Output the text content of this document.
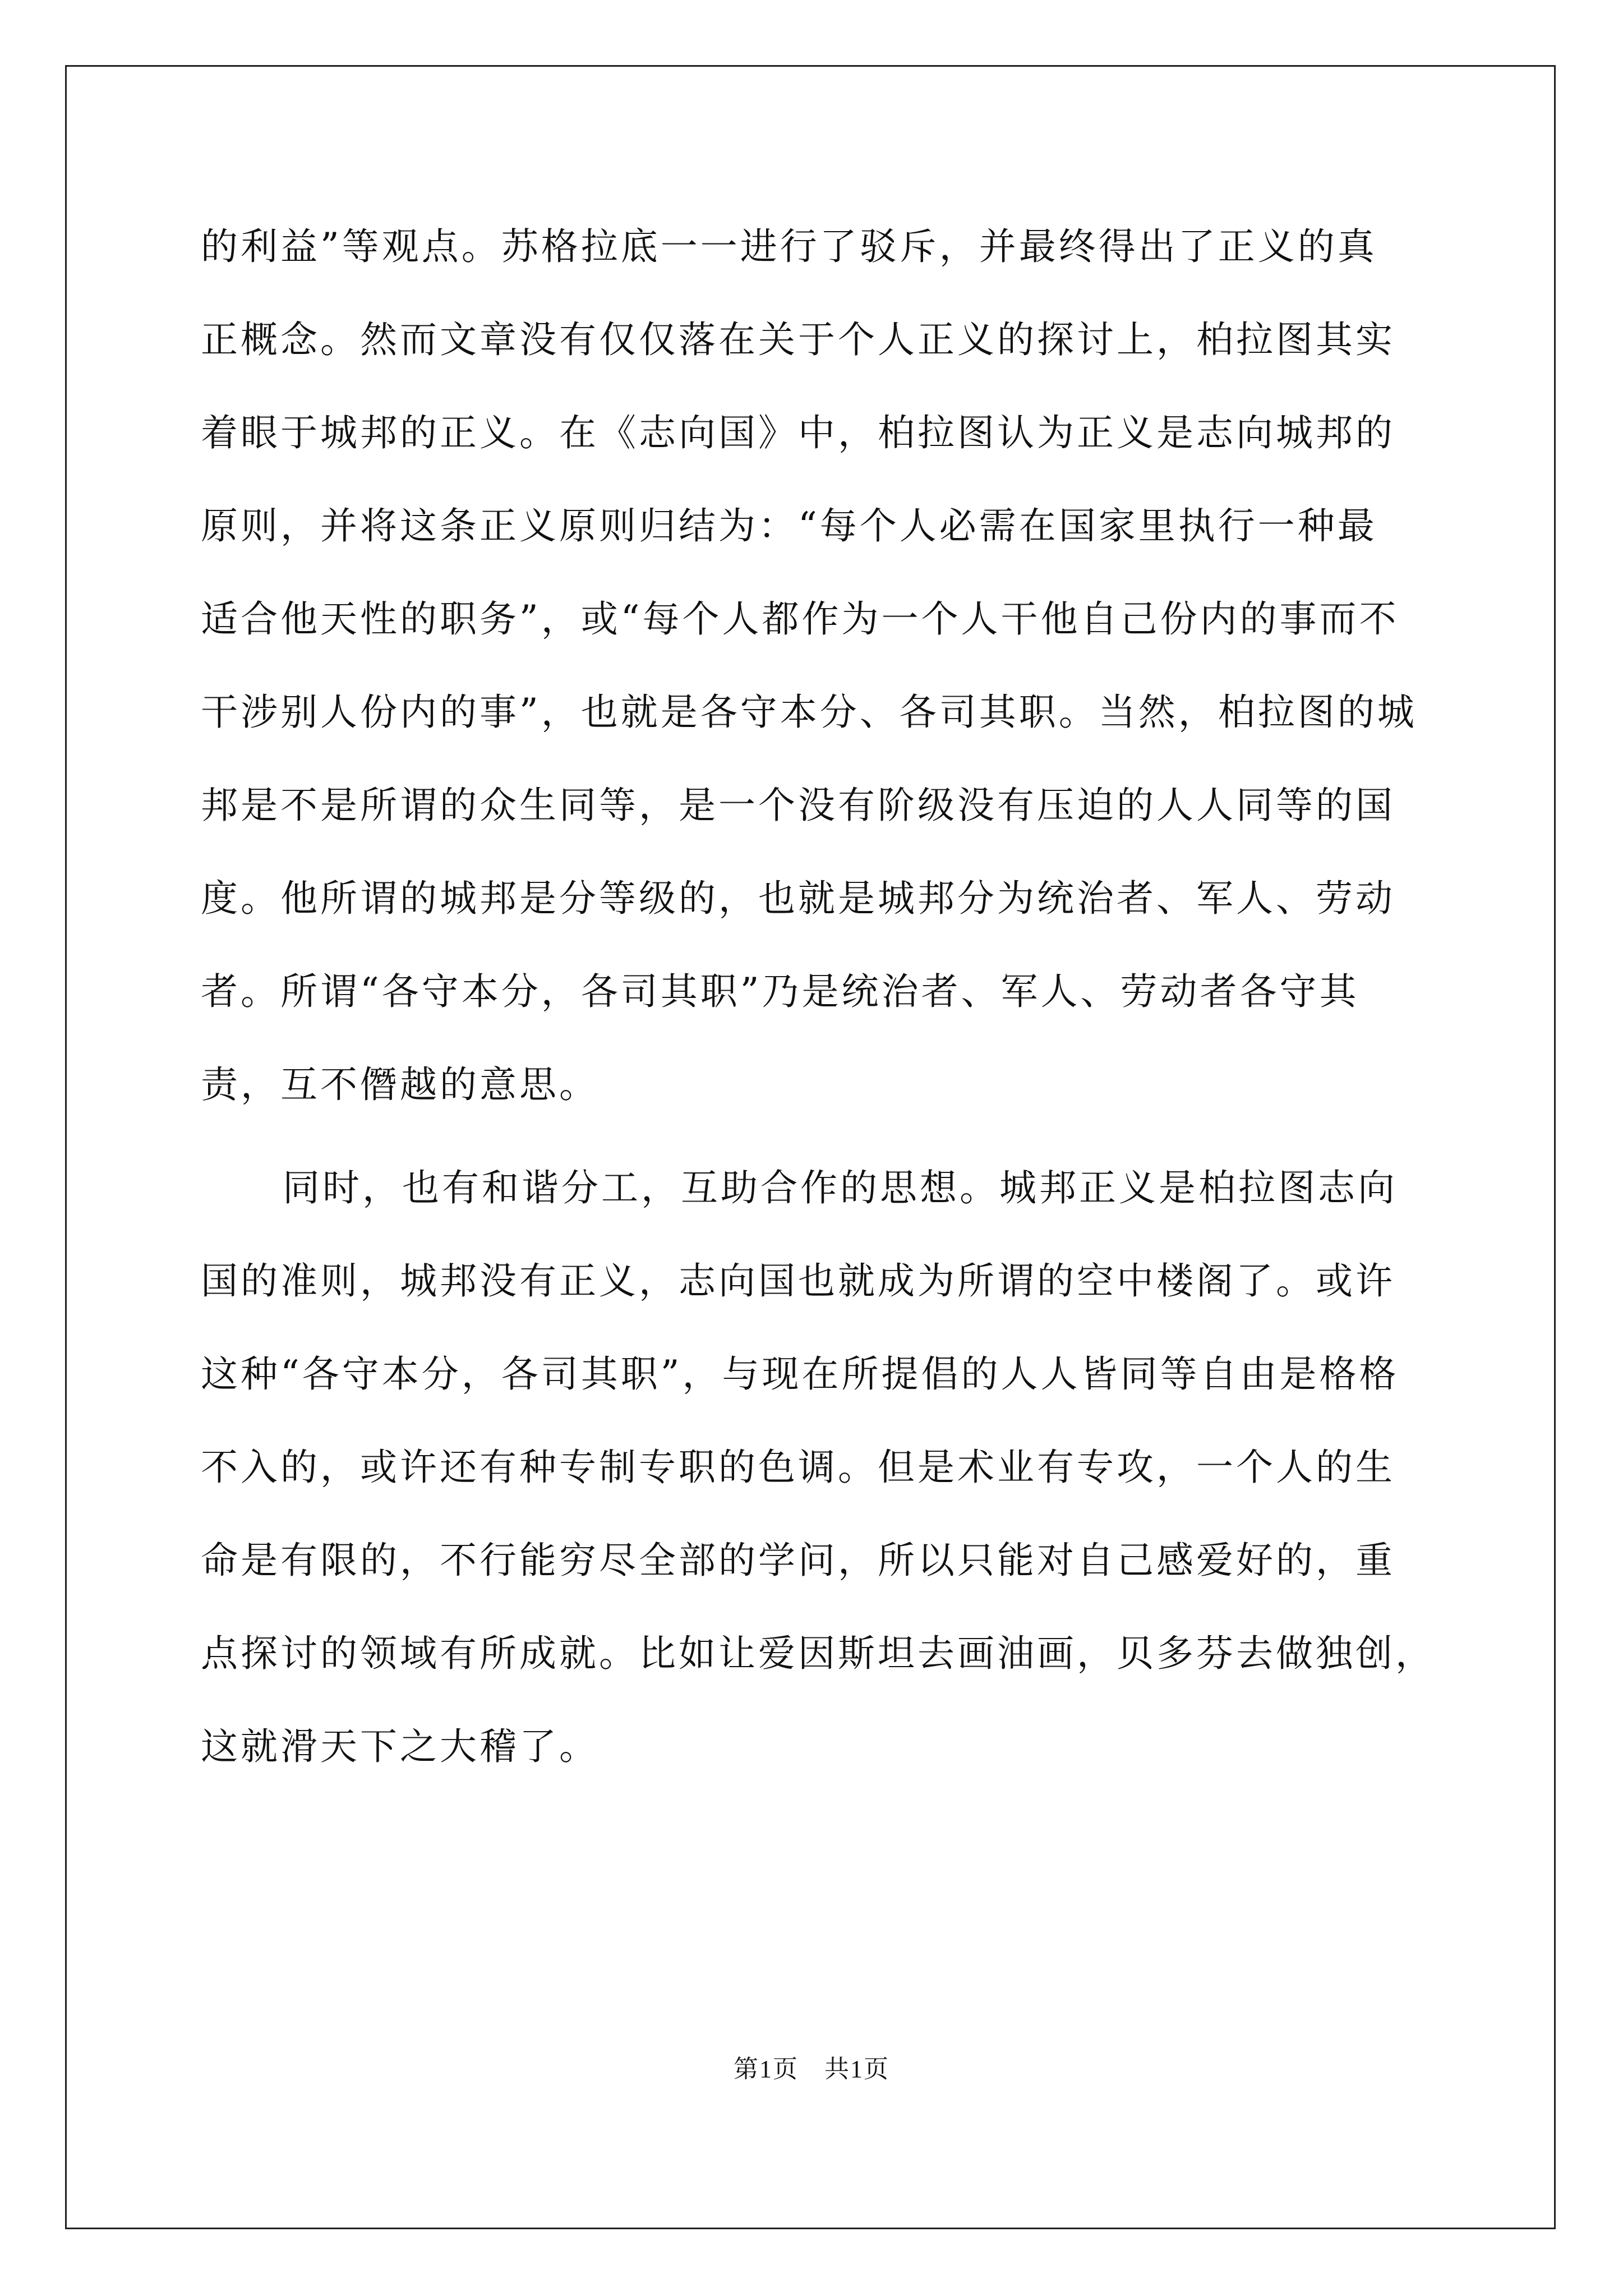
的利益”等观点。苏格拉底一一进行了驳斥，并最终得出了正义的真
正概念。然而文章没有仅仅落在关于个人正义的探讨上，柏拉图其实
着眼于城邦的正义。在《志向国》中，柏拉图认为正义是志向城邦的
原则，并将这条正义原则归结为：“每个人必需在国家里执行一种最
适合他天性的职务”，或“每个人都作为一个人干他自己份内的事而不
干涉别人份内的事”，也就是各守本分、各司其职。当然，柏拉图的城
邦是不是所谓的众生同等，是一个没有阶级没有压迫的人人同等的国
度。他所谓的城邦是分等级的，也就是城邦分为统治者、军人、劳动
者。所谓“各守本分，各司其职”乃是统治者、军人、劳动者各守其
责，互不僭越的意思。
同时，也有和谐分工，互助合作的思想。城邦正义是柏拉图志向
国的准则，城邦没有正义，志向国也就成为所谓的空中楼阁了。或许
这种“各守本分，各司其职”，与现在所提倡的人人皆同等自由是格格
不入的，或许还有种专制专职的色调。但是术业有专攻，一个人的生
命是有限的，不行能穷尽全部的学问，所以只能对自己感爱好的，重
点探讨的领域有所成就。比如让爱因斯坦去画油画，贝多芬去做独创，
这就滑天下之大稽了。
第1页　共1页
